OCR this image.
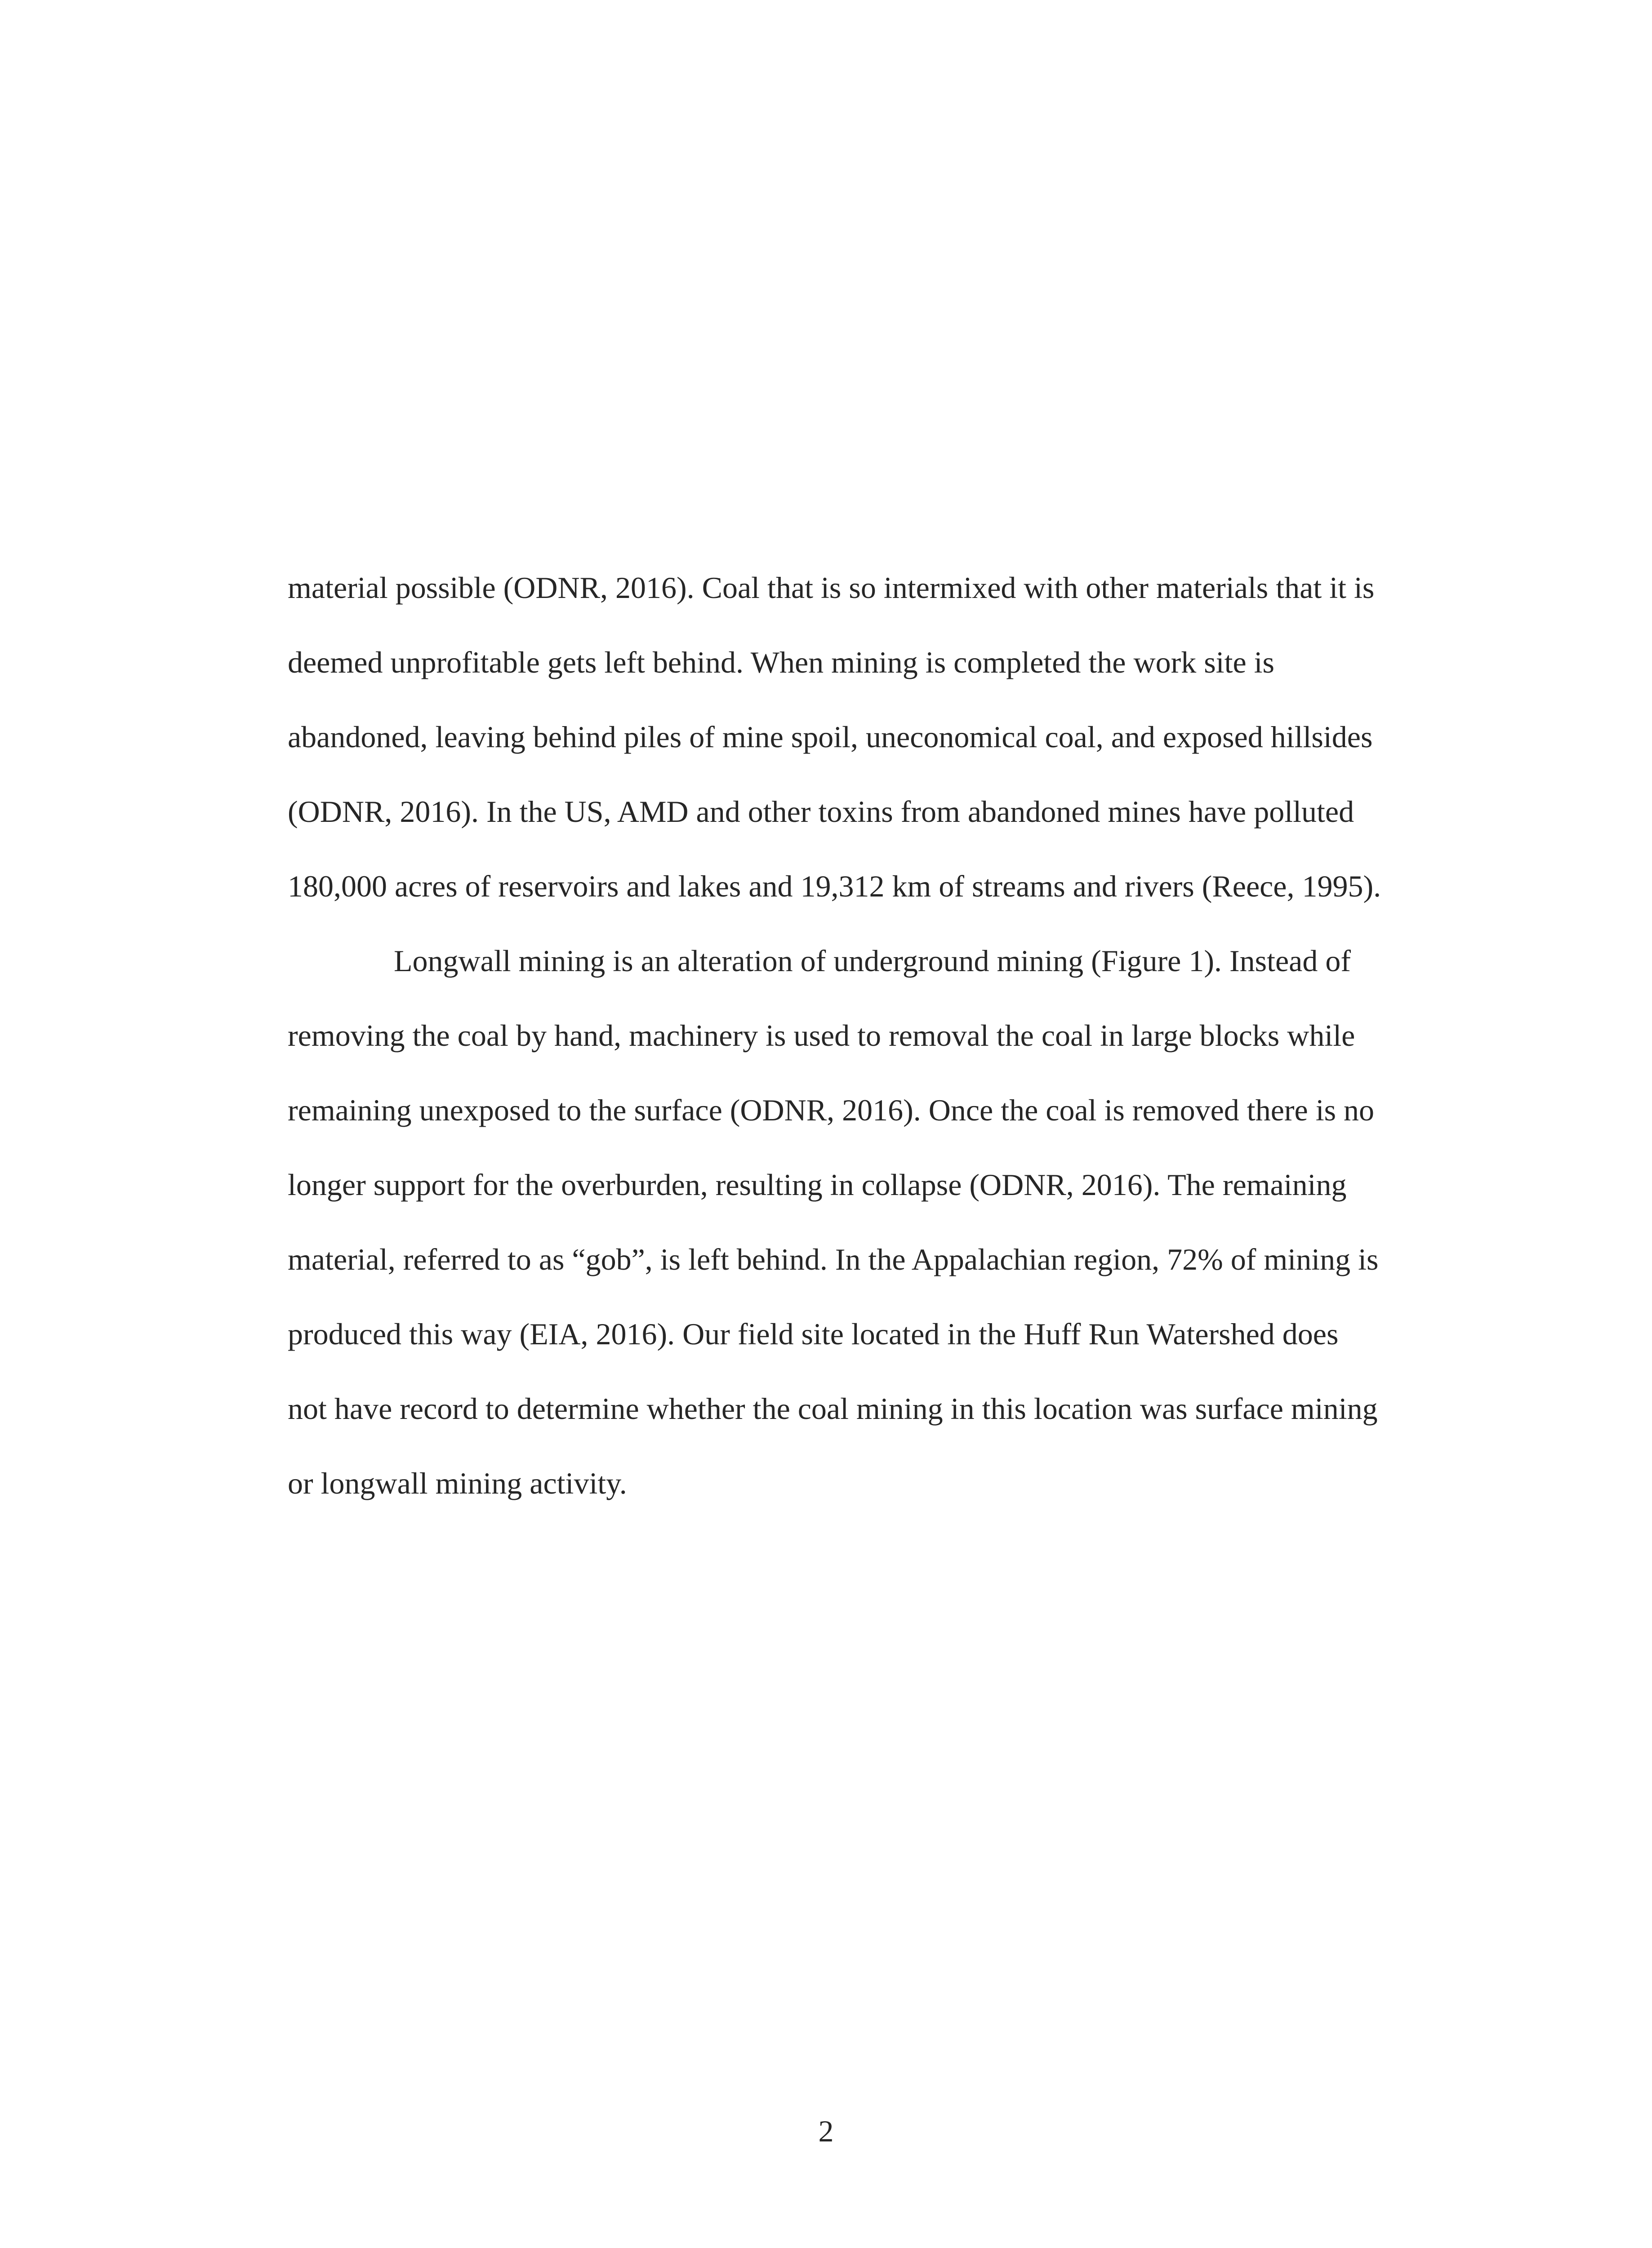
material possible (ODNR, 2016). Coal that is so intermixed with other materials that it is
deemed unprofitable gets left behind. When mining is completed the work site is
abandoned, leaving behind piles of mine spoil, uneconomical coal, and exposed hillsides
(ODNR, 2016). In the US, AMD and other toxins from abandoned mines have polluted
180,000 acres of reservoirs and lakes and 19,312 km of streams and rivers (Reece, 1995).
Longwall mining is an alteration of underground mining (Figure 1). Instead of
removing the coal by hand, machinery is used to removal the coal in large blocks while
remaining unexposed to the surface (ODNR, 2016). Once the coal is removed there is no
longer support for the overburden, resulting in collapse (ODNR, 2016). The remaining
material, referred to as “gob”, is left behind. In the Appalachian region, 72% of mining is
produced this way (EIA, 2016). Our field site located in the Huff Run Watershed does
not have record to determine whether the coal mining in this location was surface mining
or longwall mining activity.
2
